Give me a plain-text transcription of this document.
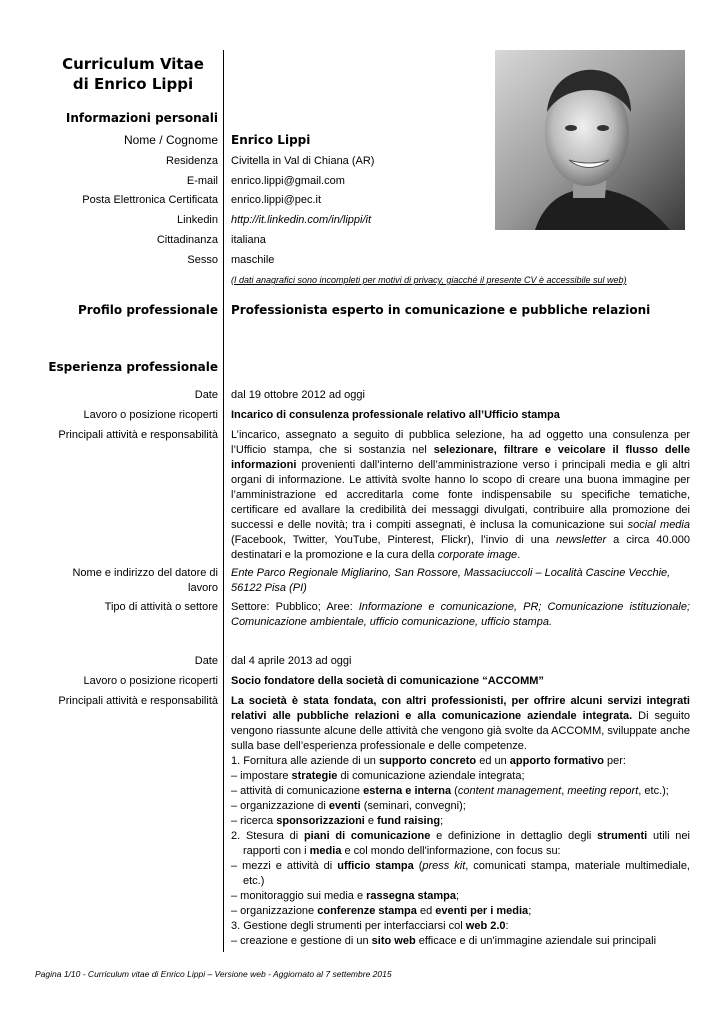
Curriculum Vitae
di Enrico Lippi
Informazioni personali
Nome / Cognome Enrico Lippi
Residenza Civitella in Val di Chiana (AR)
E-mail enrico.lippi@gmail.com
Posta Elettronica Certificata enrico.lippi@pec.it
Linkedin http://it.linkedin.com/in/lippi/it
Cittadinanza italiana
Sesso maschile
(I dati anagrafici sono incompleti per motivi di privacy, giacché il presente CV è accessibile sul web)
Profilo professionale Professionista esperto in comunicazione e pubbliche relazioni
Esperienza professionale
Date dal 19 ottobre 2012 ad oggi
Lavoro o posizione ricoperti Incarico di consulenza professionale relativo all’Ufficio stampa
Principali attività e responsabilità L’incarico, assegnato a seguito di pubblica selezione, ha ad oggetto una consulenza per l’Ufficio stampa, che si sostanzia nel selezionare, filtrare e veicolare il flusso delle informazioni provenienti dall’interno dell’amministrazione verso i principali media e gli altri organi di informazione. Le attività svolte hanno lo scopo di creare una buona immagine per l’amministrazione ed accreditarla come fonte indispensabile su specifiche tematiche, certificare ed avallare la credibilità dei messaggi divulgati, contribuire alla promozione dei successi e delle novità; tra i compiti assegnati, è inclusa la comunicazione sui social media (Facebook, Twitter, YouTube, Pinterest, Flickr), l’invio di una newsletter a circa 40.000 destinatari e la promozione e la cura della corporate image.

Nome e indirizzo del datore di
lavoro
Ente Parco Regionale Migliarino, San Rossore, Massaciuccoli – Località Cascine Vecchie,
56122 Pisa (PI)
Tipo di attività o settore Settore: Pubblico; Aree: Informazione e comunicazione, PR; Comunicazione istituzionale; Comunicazione ambientale, ufficio comunicazione, ufficio stampa.

Date dal 4 aprile 2013 ad oggi
Lavoro o posizione ricoperti Socio fondatore della società di comunicazione “ACCOMM”
Principali attività e responsabilità La società è stata fondata, con altri professionisti, per offrire alcuni servizi integrati relativi alle pubbliche relazioni e alla comunicazione aziendale integrata. Di seguito vengono riassunte alcune delle attività che vengono già svolte da ACCOMM, sviluppate anche sulla base dell’esperienza professionale e delle competenze.

1. Fornitura alle aziende di un supporto concreto ed un apporto formativo per:

– impostare strategie di comunicazione aziendale integrata;

– attività di comunicazione esterna e interna (content management, meeting report, etc.);

– organizzazione di eventi (seminari, convegni);

– ricerca sponsorizzazioni e fund raising;

2. Stesura di piani di comunicazione e definizione in dettaglio degli strumenti utili nei rapporti con i media e col mondo dell'informazione, con focus su:

– mezzi e attività di ufficio stampa (press kit, comunicati stampa, materiale multimediale, etc.)

– monitoraggio sui media e rassegna stampa;

– organizzazione conferenze stampa ed eventi per i media;

3. Gestione degli strumenti per interfacciarsi col web 2.0:

– creazione e gestione di un sito web efficace e di un'immagine aziendale sui principali

Pagina 1/10 - Curriculum vitae di Enrico Lippi – Versione web - Aggiornato al 7 settembre 2015
